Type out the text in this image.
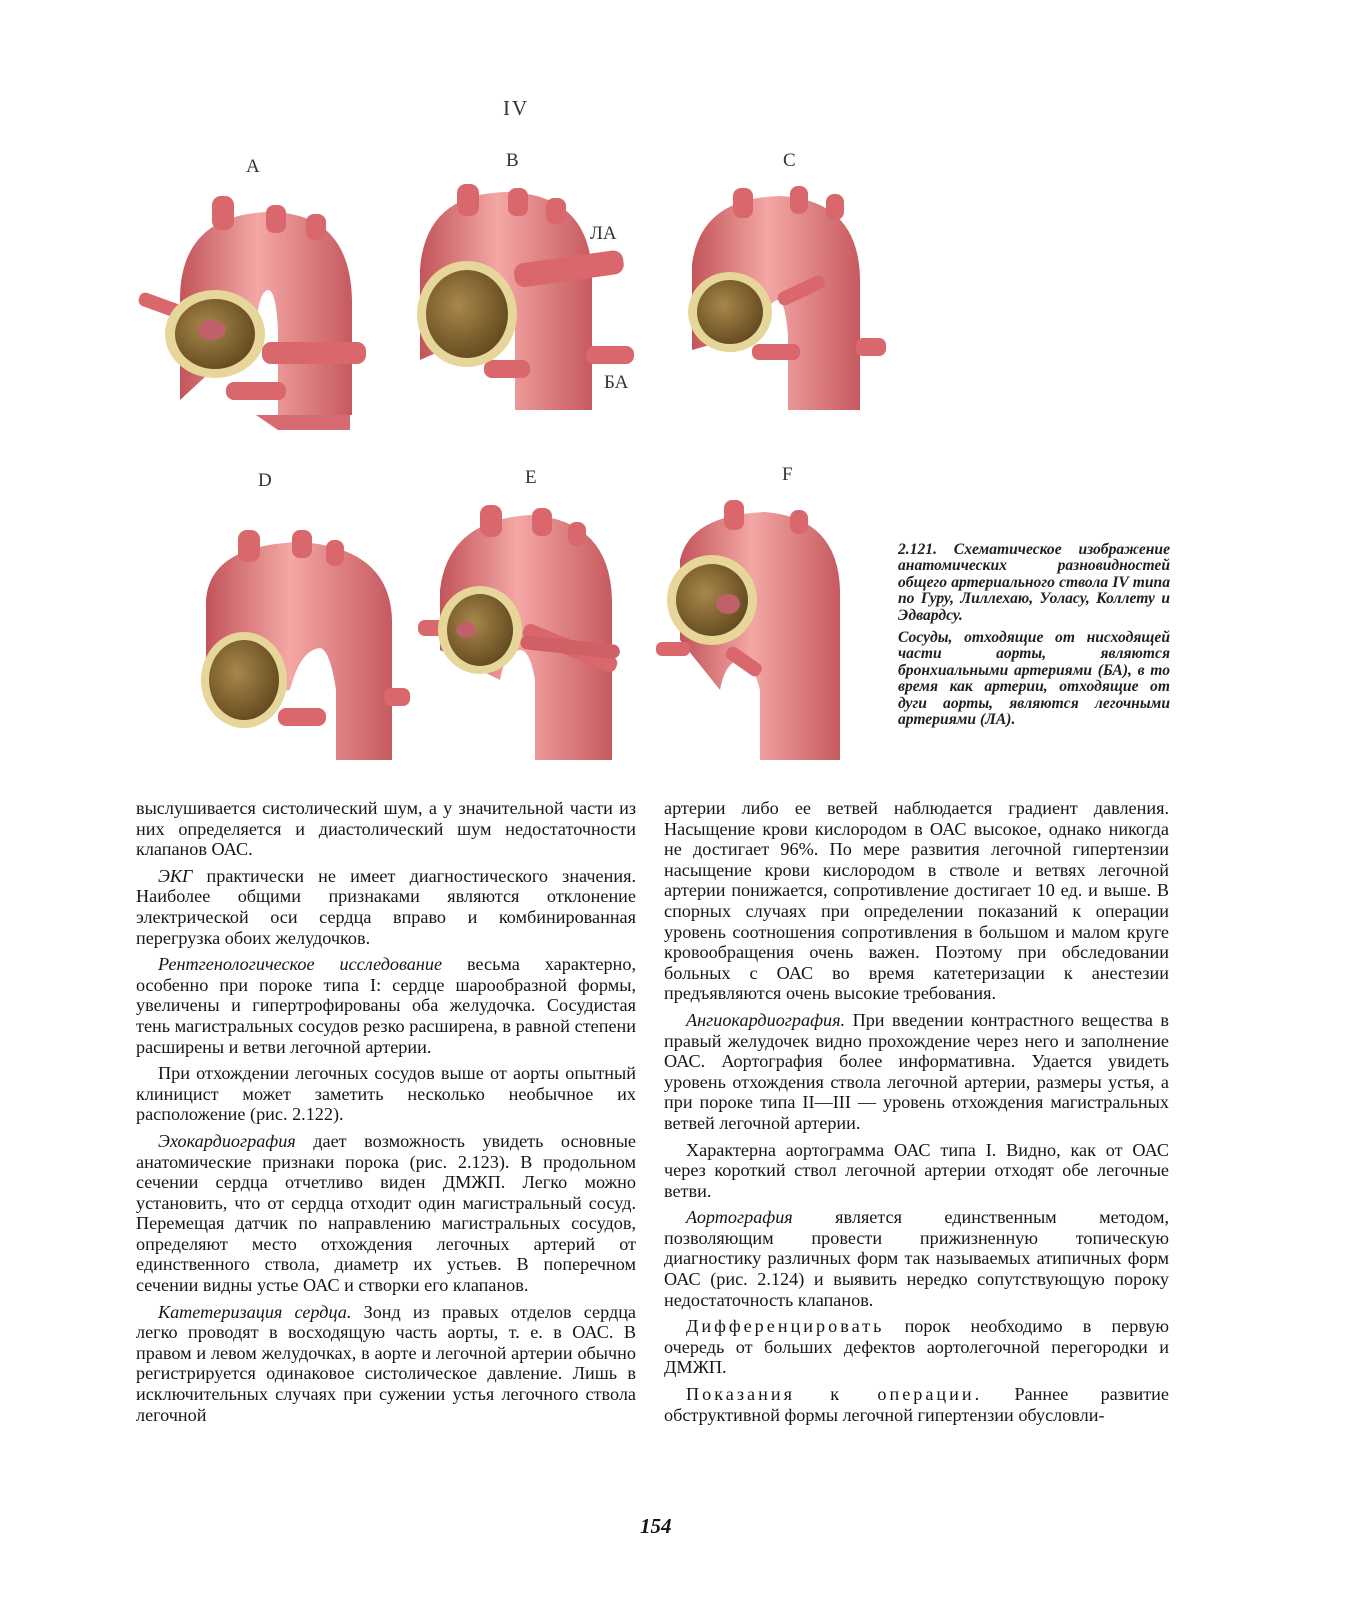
IV
A	B	C
D	E	F
ЛА
БА

2.121. Схематическое изображение анатомических разновидностей общего артериального ствола IV типа по Гуру, Лиллехаю, Уоласу, Коллету и Эдвардсу.

Сосуды, отходящие от нисходящей части аорты, являются бронхиальными артериями (БА), в то время как артерии, отходящие от дуги аорты, являются легочными артериями (ЛА).

выслушивается систолический шум, а у значительной части из них определяется и диастолический шум недостаточности клапанов ОАС.

ЭКГ практически не имеет диагностического значения. Наиболее общими признаками являются отклонение электрической оси сердца вправо и комбинированная перегрузка обоих желудочков.

Рентгенологическое исследование весьма характерно, особенно при пороке типа I: сердце шарообразной формы, увеличены и гипертрофированы оба желудочка. Сосудистая тень магистральных сосудов резко расширена, в равной степени расширены и ветви легочной артерии.

При отхождении легочных сосудов выше от аорты опытный клиницист может заметить несколько необычное их расположение (рис. 2.122).

Эхокардиография дает возможность увидеть основные анатомические признаки порока (рис. 2.123). В продольном сечении сердца отчетливо виден ДМЖП. Легко можно установить, что от сердца отходит один магистральный сосуд. Перемещая датчик по направлению магистральных сосудов, определяют место отхождения легочных артерий от единственного ствола, диаметр их устьев. В поперечном сечении видны устье ОАС и створки его клапанов.

Катетеризация сердца. Зонд из правых отделов сердца легко проводят в восходящую часть аорты, т. е. в ОАС. В правом и левом желудочках, в аорте и легочной артерии обычно регистрируется одинаковое систолическое давление. Лишь в исключительных случаях при сужении устья легочного ствола легочной

артерии либо ее ветвей наблюдается градиент давления. Насыщение крови кислородом в ОАС высокое, однако никогда не достигает 96%. По мере развития легочной гипертензии насыщение крови кислородом в стволе и ветвях легочной артерии понижается, сопротивление достигает 10 ед. и выше. В спорных случаях при определении показаний к операции уровень соотношения сопротивления в большом и малом круге кровообращения очень важен. Поэтому при обследовании больных с ОАС во время катетеризации к анестезии предъявляются очень высокие требования.

Ангиокардиография. При введении контрастного вещества в правый желудочек видно прохождение через него и заполнение ОАС. Аортография более информативна. Удается увидеть уровень отхождения ствола легочной артерии, размеры устья, а при пороке типа II—III — уровень отхождения магистральных ветвей легочной артерии.

Характерна аортограмма ОАС типа I. Видно, как от ОАС через короткий ствол легочной артерии отходят обе легочные ветви.

Аортография является единственным методом, позволяющим провести прижизненную топическую диагностику различных форм так называемых атипичных форм ОАС (рис. 2.124) и выявить нередко сопутствующую пороку недостаточность клапанов.

Дифференцировать порок необходимо в первую очередь от больших дефектов аортолегочной перегородки и ДМЖП.

Показания к операции. Раннее развитие обструктивной формы легочной гипертензии обусловли-

154
